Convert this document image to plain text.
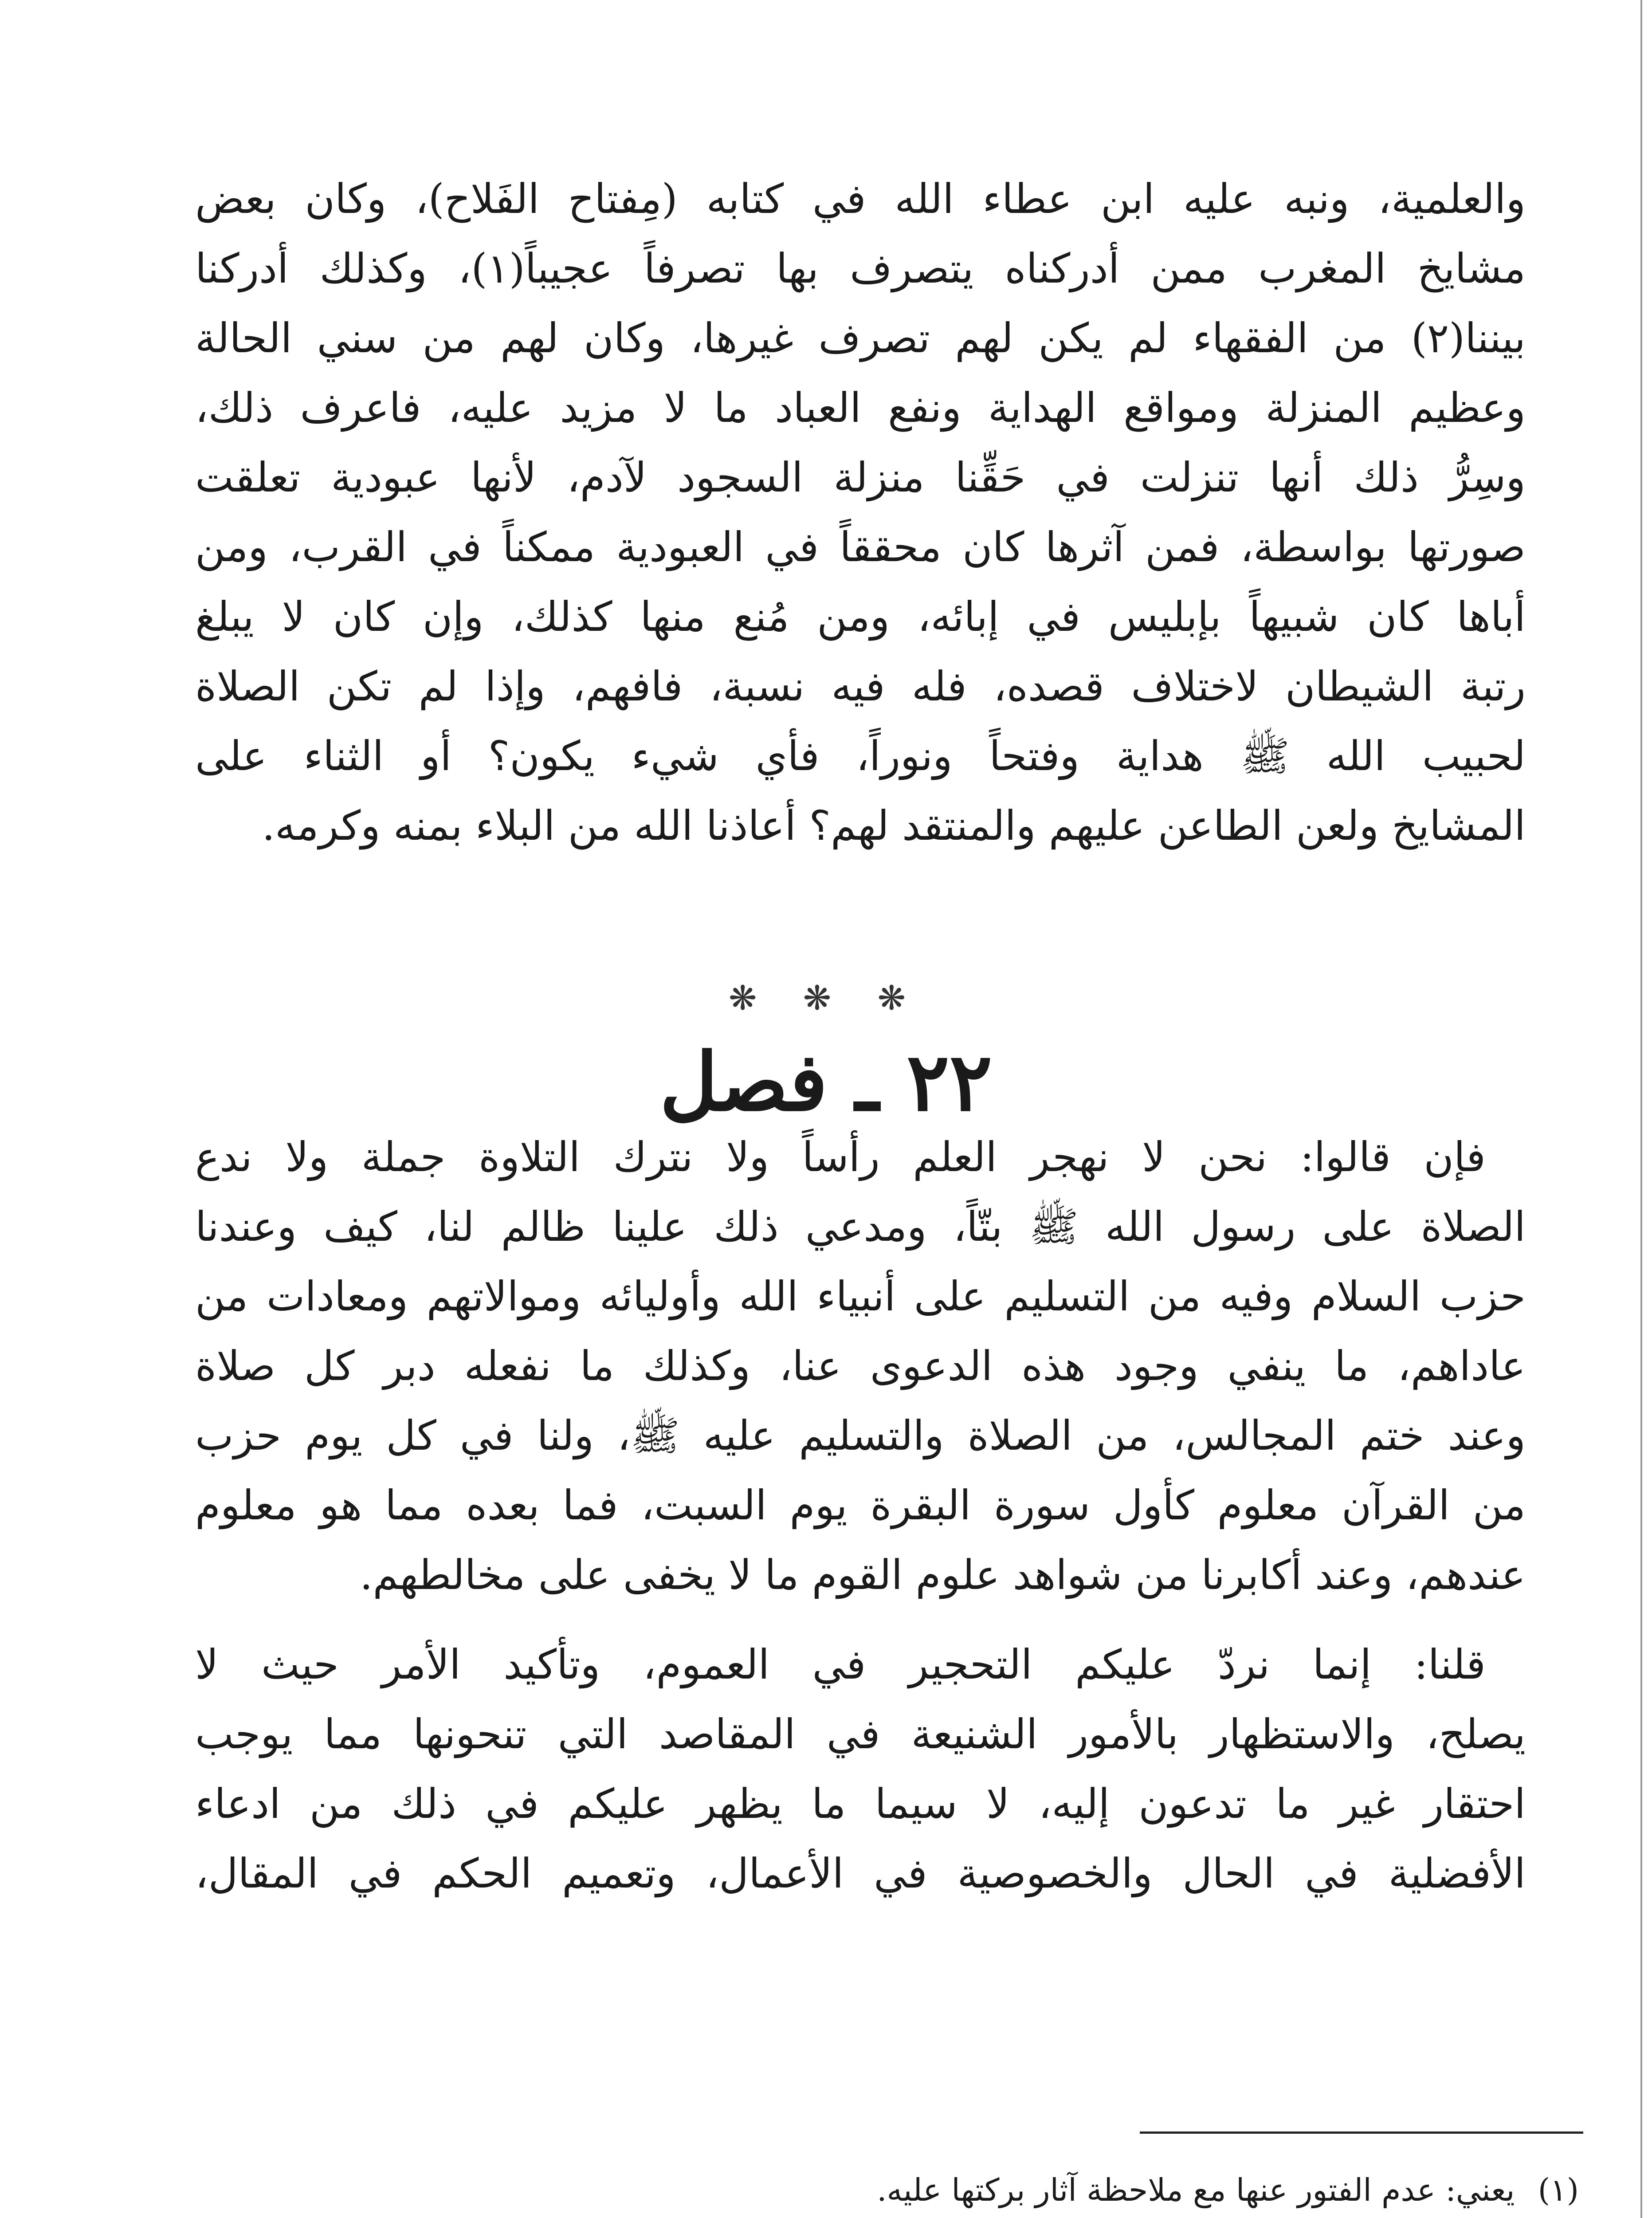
والعلمية، ونبه عليه ابن عطاء الله في كتابه (مِفتاح الفَلاح)، وكان بعض
مشايخ المغرب ممن أدركناه يتصرف بها تصرفاً عجيباً(١)، وكذلك أدركنا
بيننا(٢) من الفقهاء لم يكن لهم تصرف غيرها، وكان لهم من سني الحالة
وعظيم المنزلة ومواقع الهداية ونفع العباد ما لا مزيد عليه، فاعرف ذلك،
وسِرُّ ذلك أنها تنزلت في حَقِّنا منزلة السجود لآدم، لأنها عبودية تعلقت
صورتها بواسطة، فمن آثرها كان محققاً في العبودية ممكناً في القرب، ومن
أباها كان شبيهاً بإبليس في إبائه، ومن مُنع منها كذلك، وإن كان لا يبلغ
رتبة الشيطان لاختلاف قصده، فله فيه نسبة، فافهم، وإذا لم تكن الصلاة
لحبيب الله ﷺ هداية وفتحاً ونوراً، فأي شيء يكون؟ أو الثناء على
المشايخ ولعن الطاعن عليهم والمنتقد لهم؟ أعاذنا الله من البلاء بمنه وكرمه.

❋ ❋ ❋
٢٢ ـ فصل

فإن قالوا: نحن لا نهجر العلم رأساً ولا نترك التلاوة جملة ولا ندع
الصلاة على رسول الله ﷺ بتّاً، ومدعي ذلك علينا ظالم لنا، كيف وعندنا
حزب السلام وفيه من التسليم على أنبياء الله وأوليائه وموالاتهم ومعادات من
عاداهم، ما ينفي وجود هذه الدعوى عنا، وكذلك ما نفعله دبر كل صلاة
وعند ختم المجالس، من الصلاة والتسليم عليه ﷺ، ولنا في كل يوم حزب
من القرآن معلوم كأول سورة البقرة يوم السبت، فما بعده مما هو معلوم
عندهم، وعند أكابرنا من شواهد علوم القوم ما لا يخفى على مخالطهم.

قلنا: إنما نردّ عليكم التحجير في العموم، وتأكيد الأمر حيث لا
يصلح، والاستظهار بالأمور الشنيعة في المقاصد التي تنحونها مما يوجب
احتقار غير ما تدعون إليه، لا سيما ما يظهر عليكم في ذلك من ادعاء
الأفضلية في الحال والخصوصية في الأعمال، وتعميم الحكم في المقال،

(١) يعني: عدم الفتور عنها مع ملاحظة آثار بركتها عليه.
